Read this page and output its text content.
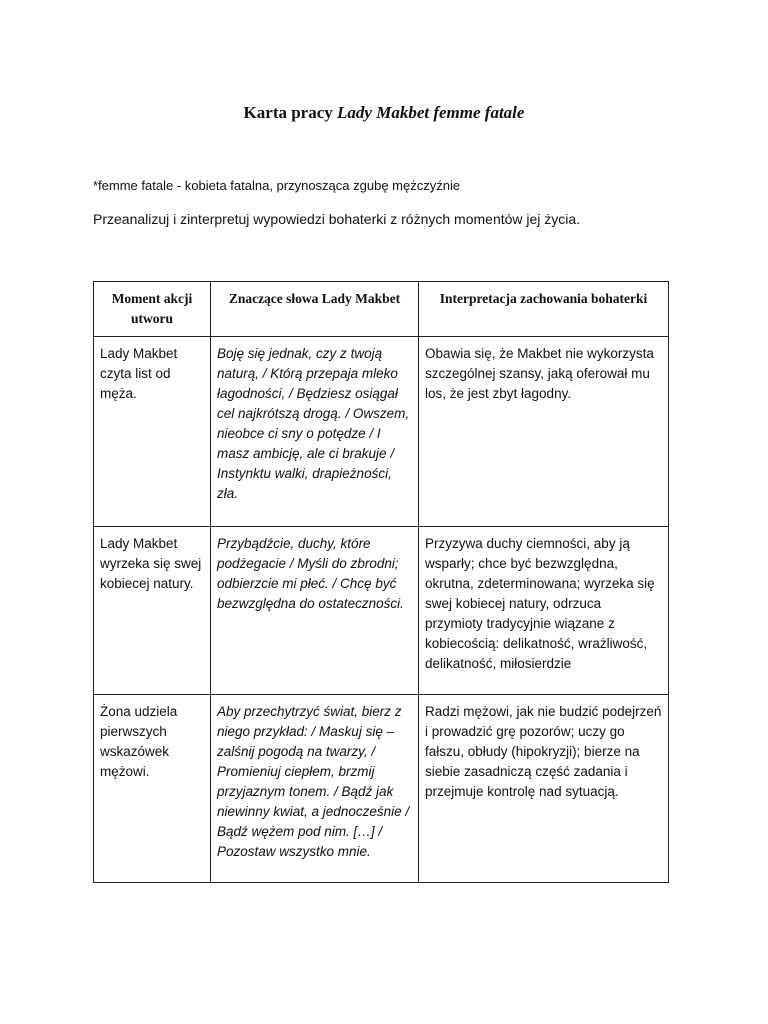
Karta pracy Lady Makbet femme fatale
*femme fatale - kobieta fatalna, przynosząca zgubę mężczyźnie
Przeanalizuj i zinterpretuj wypowiedzi bohaterki z różnych momentów jej życia.
Moment akcji utworu	Znaczące słowa Lady Makbet	Interpretacja zachowania bohaterki
Lady Makbet czyta list od męża.	Boję się jednak, czy z twoją naturą, / Którą przepaja mleko łagodności, / Będziesz osiągał cel najkrótszą drogą. / Owszem, nieobce ci sny o potędze / I masz ambicję, ale ci brakuje / Instynktu walki, drapieżności, zła.	Obawia się, że Makbet nie wykorzysta szczególnej szansy, jaką oferował mu los, że jest zbyt łagodny.
Lady Makbet wyrzeka się swej kobiecej natury.	Przybądźcie, duchy, które podżegacie / Myśli do zbrodni; odbierzcie mi płeć. / Chcę być bezwzględna do ostateczności.	Przyzywa duchy ciemności, aby ją wsparły; chce być bezwzględna, okrutna, zdeterminowana; wyrzeka się swej kobiecej natury, odrzuca przymioty tradycyjnie wiązane z kobiecością: delikatność, wrażliwość, delikatność, miłosierdzie
Żona udziela pierwszych wskazówek mężowi.	Aby przechytrzyć świat, bierz z niego przykład: / Maskuj się – zalśnij pogodą na twarzy, / Promieniuj ciepłem, brzmij przyjaznym tonem. / Bądź jak niewinny kwiat, a jednocześnie / Bądź wężem pod nim. […] / Pozostaw wszystko mnie.	Radzi mężowi, jak nie budzić podejrzeń i prowadzić grę pozorów; uczy go fałszu, obłudy (hipokryzji); bierze na siebie zasadniczą część zadania i przejmuje kontrolę nad sytuacją.
